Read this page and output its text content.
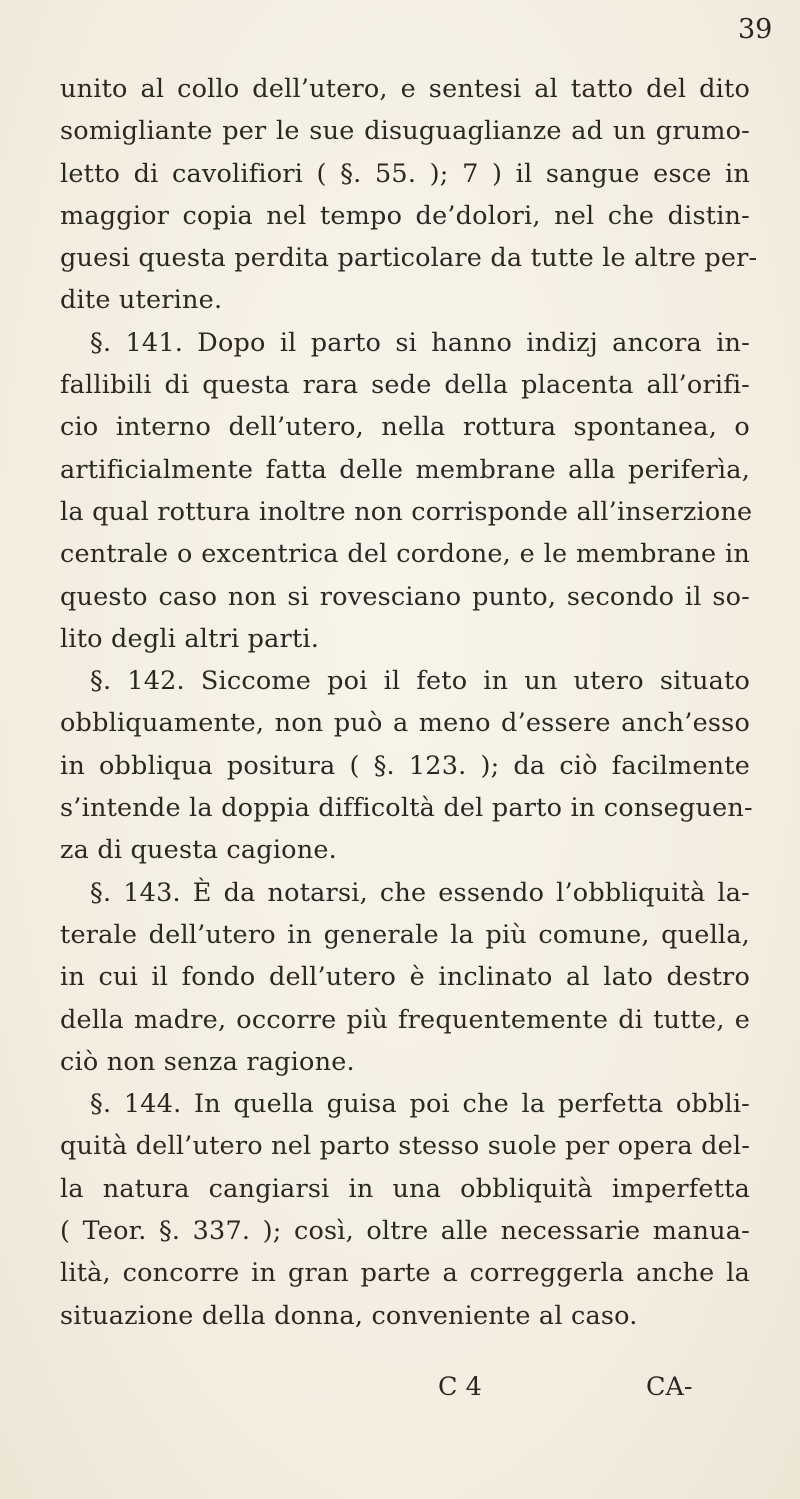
39
unito al collo dell’utero, e sentesi al tatto del dito
somigliante per le sue disuguaglianze ad un grumo-
letto di cavolifiori ( §. 55. ); 7 ) il sangue esce in
maggior copia nel tempo de’dolori, nel che distin-
guesi questa perdita particolare da tutte le altre per-
dite uterine.
§. 141. Dopo il parto si hanno indizj ancora in-
fallibili di questa rara sede della placenta all’orifi-
cio interno dell’utero, nella rottura spontanea, o
artificialmente fatta delle membrane alla periferìa,
la qual rottura inoltre non corrisponde all’inserzione
centrale o excentrica del cordone, e le membrane in
questo caso non si rovesciano punto, secondo il so-
lito degli altri parti.
§. 142. Siccome poi il feto in un utero situato
obbliquamente, non può a meno d’essere anch’esso
in obbliqua positura ( §. 123. ); da ciò facilmente
s’intende la doppia difficoltà del parto in conseguen-
za di questa cagione.
§. 143. È da notarsi, che essendo l’obbliquità la-
terale dell’utero in generale la più comune, quella,
in cui il fondo dell’utero è inclinato al lato destro
della madre, occorre più frequentemente di tutte, e
ciò non senza ragione.
§. 144. In quella guisa poi che la perfetta obbli-
quità dell’utero nel parto stesso suole per opera del-
la natura cangiarsi in una obbliquità imperfetta
( Teor. §. 337. ); così, oltre alle necessarie manua-
lità, concorre in gran parte a correggerla anche la
situazione della donna, conveniente al caso.
C 4	CA-
